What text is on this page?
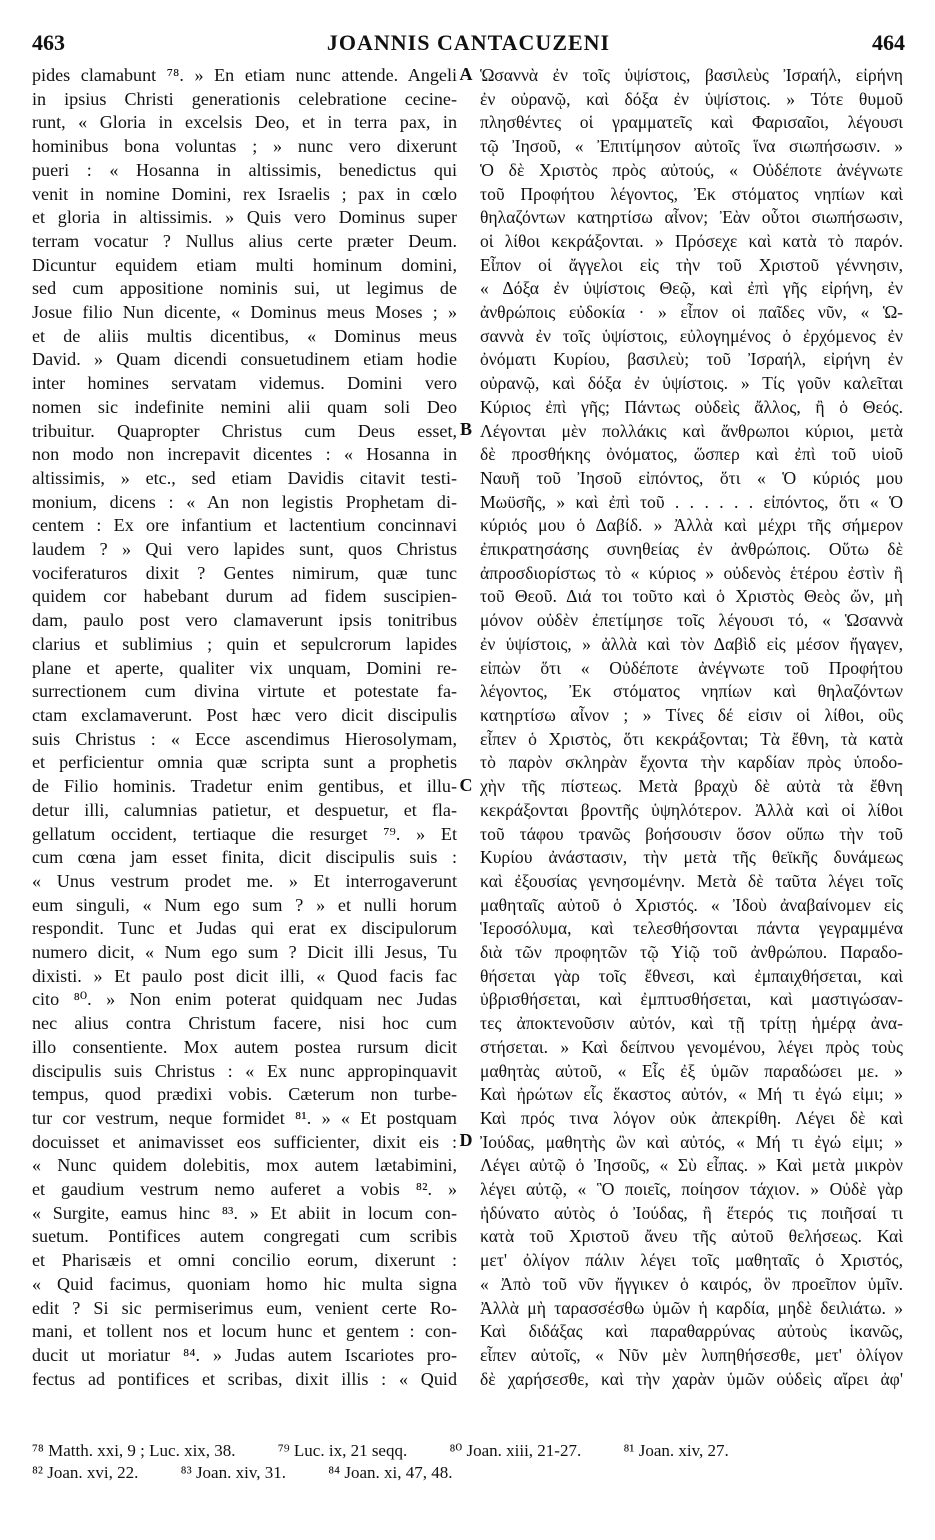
463	JOANNIS CANTACUZENI	464
pides clamabunt ⁷⁸. » En etiam nunc attende. Angeli
in ipsius Christi generationis celebratione cecine-
runt, « Gloria in excelsis Deo, et in terra pax, in
hominibus bona voluntas ; » nunc vero dixerunt
pueri : « Hosanna in altissimis, benedictus qui
venit in nomine Domini, rex Israelis ; pax in cœlo
et gloria in altissimis. » Quis vero Dominus super
terram vocatur ? Nullus alius certe præter Deum.
Dicuntur equidem etiam multi hominum domini,
sed cum appositione nominis sui, ut legimus de
Josue filio Nun dicente, « Dominus meus Moses ; »
et de aliis multis dicentibus, « Dominus meus
David. » Quam dicendi consuetudinem etiam hodie
inter homines servatam videmus. Domini vero
nomen sic indefinite nemini alii quam soli Deo
tribuitur. Quapropter Christus cum Deus esset,
non modo non increpavit dicentes : « Hosanna in
altissimis, » etc., sed etiam Davidis citavit testi-
monium, dicens : « An non legistis Prophetam di-
centem : Ex ore infantium et lactentium concinnavi
laudem ? » Qui vero lapides sunt, quos Christus
vociferaturos dixit ? Gentes nimirum, quæ tunc
quidem cor habebant durum ad fidem suscipien-
dam, paulo post vero clamaverunt ipsis tonitribus
clarius et sublimius ; quin et sepulcrorum lapides
plane et aperte, qualiter vix unquam, Domini re-
surrectionem cum divina virtute et potestate fa-
ctam exclamaverunt. Post hæc vero dicit discipulis
suis Christus : « Ecce ascendimus Hierosolymam,
et perficientur omnia quæ scripta sunt a prophetis
de Filio hominis. Tradetur enim gentibus, et illu-
detur illi, calumnias patietur, et despuetur, et fla-
gellatum occident, tertiaque die resurget ⁷⁹. » Et
cum cœna jam esset finita, dicit discipulis suis :
« Unus vestrum prodet me. » Et interrogaverunt
eum singuli, « Num ego sum ? » et nulli horum
respondit. Tunc et Judas qui erat ex discipulorum
numero dicit, « Num ego sum ? Dicit illi Jesus, Tu
dixisti. » Et paulo post dicit illi, « Quod facis fac
cito ⁸⁰. » Non enim poterat quidquam nec Judas
nec alius contra Christum facere, nisi hoc cum
illo consentiente. Mox autem postea rursum dicit
discipulis suis Christus : « Ex nunc appropinquavit
tempus, quod prædixi vobis. Cæterum non turbe-
tur cor vestrum, neque formidet ⁸¹. » « Et postquam
docuisset et animavisset eos sufficienter, dixit eis :
« Nunc quidem dolebitis, mox autem lætabimini,
et gaudium vestrum nemo auferet a vobis ⁸². »
« Surgite, eamus hinc ⁸³. » Et abiit in locum con-
suetum. Pontifices autem congregati cum scribis
et Pharisæis et omni concilio eorum, dixerunt :
« Quid facimus, quoniam homo hic multa signa
edit ? Si sic permiserimus eum, venient certe Ro-
mani, et tollent nos et locum hunc et gentem : con-
ducit ut moriatur ⁸⁴. » Judas autem Iscariotes pro-
fectus ad pontifices et scribas, dixit illis : « Quid
Ὡσαννὰ ἐν τοῖς ὑψίστοις, βασιλεὺς Ἰσραήλ, εἰρήνη
ἐν οὐρανῷ, καὶ δόξα ἐν ὑψίστοις. » Τότε θυμοῦ
πλησθέντες οἱ γραμματεῖς καὶ Φαρισαῖοι, λέγουσι
τῷ Ἰησοῦ, « Ἐπιτίμησον αὐτοῖς ἵνα σιωπήσωσιν. »
Ὁ δὲ Χριστὸς πρὸς αὐτούς, « Οὐδέποτε ἀνέγνωτε
τοῦ Προφήτου λέγοντος, Ἐκ στόματος νηπίων καὶ
θηλαζόντων κατηρτίσω αἶνον; Ἐὰν οὗτοι σιωπήσωσιν,
οἱ λίθοι κεκράξονται. » Πρόσεχε καὶ κατὰ τὸ παρόν.
Εἶπον οἱ ἄγγελοι εἰς τὴν τοῦ Χριστοῦ γέννησιν,
« Δόξα ἐν ὑψίστοις Θεῷ, καὶ ἐπὶ γῆς εἰρήνη, ἐν
ἀνθρώποις εὐδοκία · » εἶπον οἱ παῖδες νῦν, « Ὡ-
σαννὰ ἐν τοῖς ὑψίστοις, εὐλογημένος ὁ ἐρχόμενος ἐν
ὀνόματι Κυρίου, βασιλεὺ; τοῦ Ἰσραήλ, εἰρήνη ἐν
οὐρανῷ, καὶ δόξα ἐν ὑψίστοις. » Τίς γοῦν καλεῖται
Κύριος ἐπὶ γῆς; Πάντως οὐδεὶς ἄλλος, ἢ ὁ Θεός.
Λέγονται μὲν πολλάκις καὶ ἄνθρωποι κύριοι, μετὰ
δὲ προσθήκης ὀνόματος, ὥσπερ καὶ ἐπὶ τοῦ υἱοῦ
Ναυῆ τοῦ Ἰησοῦ εἰπόντος, ὅτι « Ὁ κύριός μου
Μωϋσῆς, » καὶ ἐπὶ τοῦ . . . . . . εἰπόντος, ὅτι « Ὁ
κύριός μου ὁ Δαβίδ. » Ἀλλὰ καὶ μέχρι τῆς σήμερον
ἐπικρατησάσης συνηθείας ἐν ἀνθρώποις. Οὕτω δὲ
ἀπροσδιορίστως τὸ « κύριος » οὐδενὸς ἑτέρου ἐστὶν ἢ
τοῦ Θεοῦ. Διά τοι τοῦτο καὶ ὁ Χριστὸς Θεὸς ὤν, μὴ
μόνον οὐδὲν ἐπετίμησε τοῖς λέγουσι τό, « Ὡσαννὰ
ἐν ὑψίστοις, » ἀλλὰ καὶ τὸν Δαβὶδ εἰς μέσον ἤγαγεν,
εἰπὼν ὅτι « Οὐδέποτε ἀνέγνωτε τοῦ Προφήτου
λέγοντος, Ἐκ στόματος νηπίων καὶ θηλαζόντων
κατηρτίσω αἶνον ; » Τίνες δέ εἰσιν οἱ λίθοι, οὓς
εἶπεν ὁ Χριστὸς, ὅτι κεκράξονται; Τὰ ἔθνη, τὰ κατὰ
τὸ παρὸν σκληρὰν ἔχοντα τὴν καρδίαν πρὸς ὑποδο-
χὴν τῆς πίστεως. Μετὰ βραχὺ δὲ αὐτὰ τὰ ἔθνη
κεκράξονται βροντῆς ὑψηλότερον. Ἀλλὰ καὶ οἱ λίθοι
τοῦ τάφου τρανῶς βοήσουσιν ὅσον οὔπω τὴν τοῦ
Κυρίου ἀνάστασιν, τὴν μετὰ τῆς θεϊκῆς δυνάμεως
καὶ ἐξουσίας γενησομένην. Μετὰ δὲ ταῦτα λέγει τοῖς
μαθηταῖς αὐτοῦ ὁ Χριστός. « Ἰδοὺ ἀναβαίνομεν εἰς
Ἱεροσόλυμα, καὶ τελεσθήσονται πάντα γεγραμμένα
διὰ τῶν προφητῶν τῷ Υἱῷ τοῦ ἀνθρώπου. Παραδο-
θήσεται γὰρ τοῖς ἔθνεσι, καὶ ἐμπαιχθήσεται, καὶ
ὑβρισθήσεται, καὶ ἐμπτυσθήσεται, καὶ μαστιγώσαν-
τες ἀποκτενοῦσιν αὐτόν, καὶ τῇ τρίτῃ ἡμέρᾳ ἀνα-
στήσεται. » Καὶ δείπνου γενομένου, λέγει πρὸς τοὺς
μαθητὰς αὐτοῦ, « Εἷς ἐξ ὑμῶν παραδώσει με. »
Καὶ ἠρώτων εἷς ἕκαστος αὐτόν, « Μή τι ἐγώ εἰμι; »
Καὶ πρός τινα λόγον οὐκ ἀπεκρίθη. Λέγει δὲ καὶ
Ἰούδας, μαθητὴς ὢν καὶ αὐτός, « Μή τι ἐγώ εἰμι; »
Λέγει αὐτῷ ὁ Ἰησοῦς, « Σὺ εἶπας. » Καὶ μετὰ μικρὸν
λέγει αὐτῷ, « Ὃ ποιεῖς, ποίησον τάχιον. » Οὐδὲ γὰρ
ἠδύνατο αὐτὸς ὁ Ἰούδας, ἢ ἕτερός τις ποιῆσαί τι
κατὰ τοῦ Χριστοῦ ἄνευ τῆς αὐτοῦ θελήσεως. Καὶ
μετ' ὀλίγον πάλιν λέγει τοῖς μαθηταῖς ὁ Χριστός,
« Ἀπὸ τοῦ νῦν ἤγγικεν ὁ καιρός, ὃν προεῖπον ὑμῖν.
Ἀλλὰ μὴ ταρασσέσθω ὑμῶν ἡ καρδία, μηδὲ δειλιάτω. »
Καὶ διδάξας καὶ παραθαρρύνας αὐτοὺς ἱκανῶς,
εἶπεν αὐτοῖς, « Νῦν μὲν λυπηθήσεσθε, μετ' ὀλίγον
δὲ χαρήσεσθε, καὶ τὴν χαρὰν ὑμῶν οὐδεὶς αἴρει ἀφ'
A
B
C
D
⁷⁸ Matth. xxi, 9 ; Luc. xix, 38. ⁷⁹ Luc. ix, 21 seqq. ⁸⁰ Joan. xiii, 21-27. ⁸¹ Joan. xiv, 27.
⁸² Joan. xvi, 22. ⁸³ Joan. xiv, 31. ⁸⁴ Joan. xi, 47, 48.
